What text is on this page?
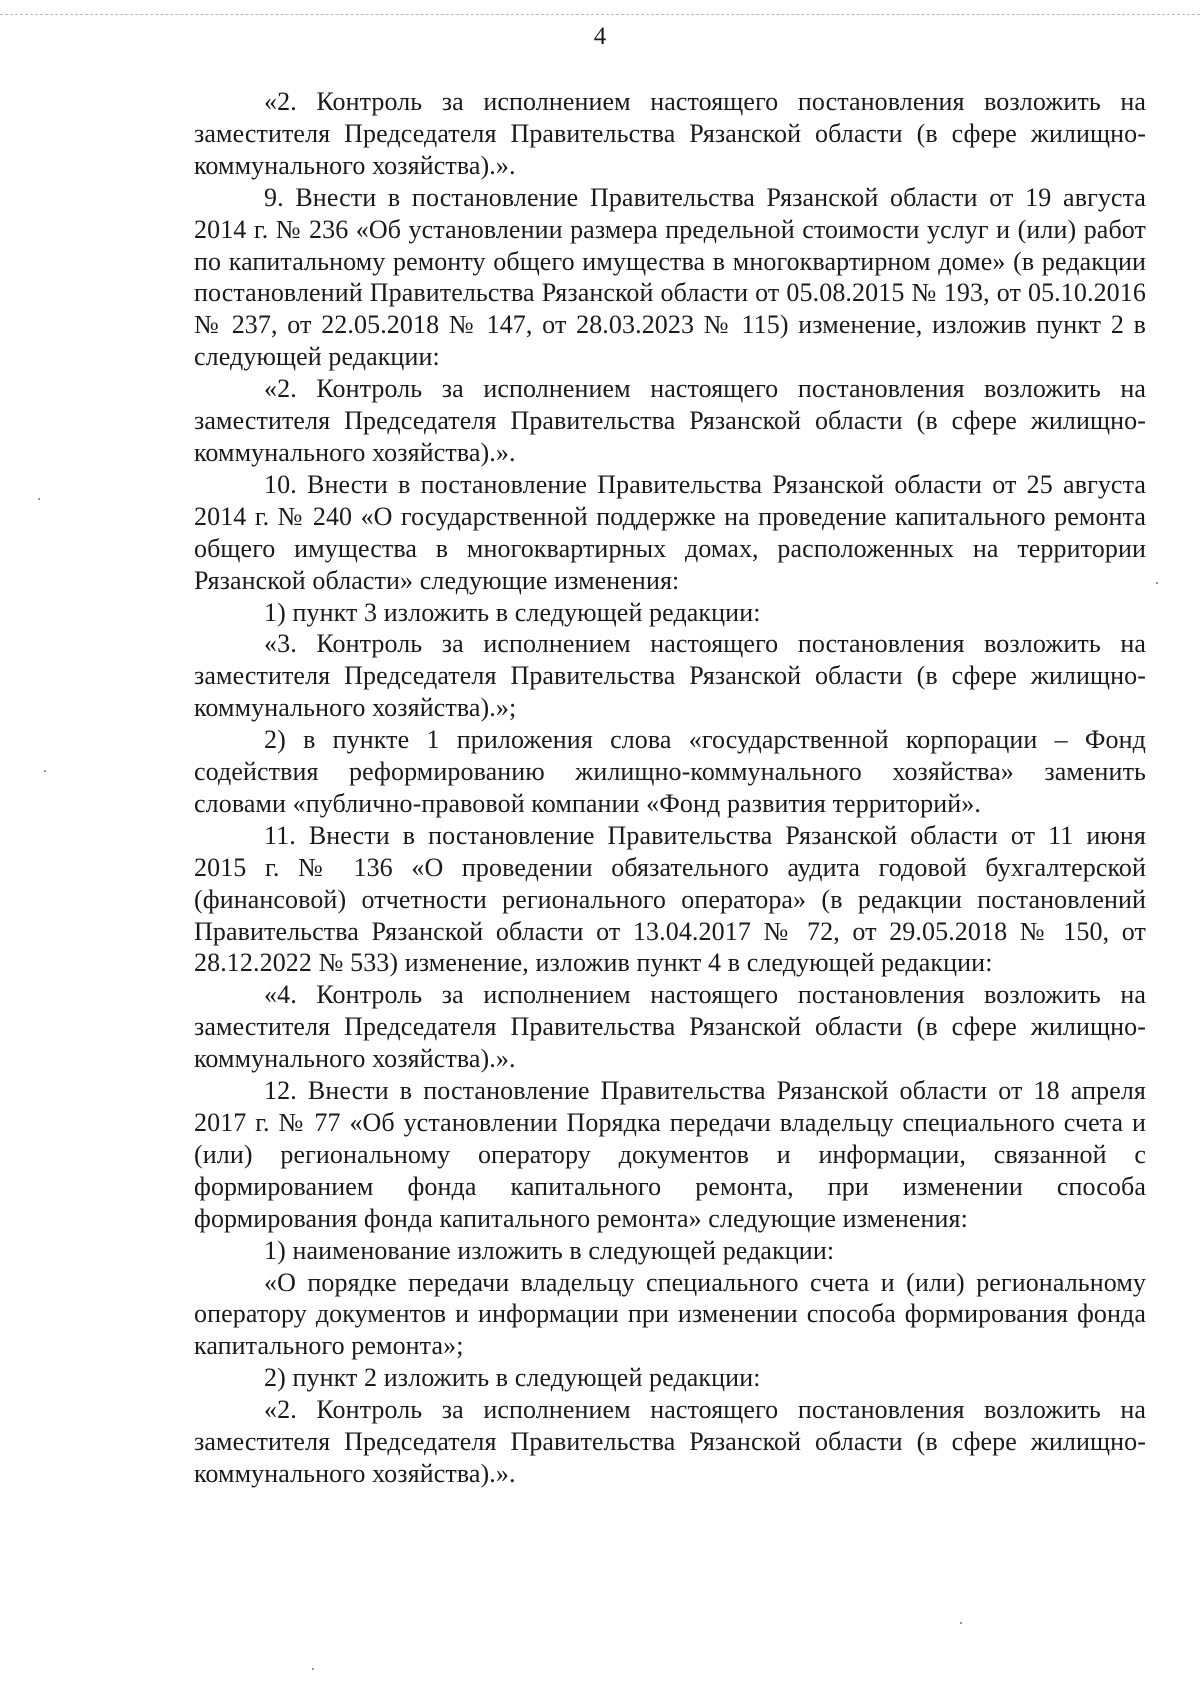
4

«2. Контроль за исполнением настоящего постановления возложить на заместителя Председателя Правительства Рязанской области (в сфере жилищно-коммунального хозяйства).».

9. Внести в постановление Правительства Рязанской области от 19 августа 2014 г. № 236 «Об установлении размера предельной стоимости услуг и (или) работ по капитальному ремонту общего имущества в многоквартирном доме» (в редакции постановлений Правительства Рязанской области от 05.08.2015 № 193, от 05.10.2016 № 237, от 22.05.2018 № 147, от 28.03.2023 № 115) изменение, изложив пункт 2 в следующей редакции:

«2. Контроль за исполнением настоящего постановления возложить на заместителя Председателя Правительства Рязанской области (в сфере жилищно-коммунального хозяйства).».

10. Внести в постановление Правительства Рязанской области от 25 августа 2014 г. № 240 «О государственной поддержке на проведение капитального ремонта общего имущества в многоквартирных домах, расположенных на территории Рязанской области» следующие изменения:

1) пункт 3 изложить в следующей редакции:

«3. Контроль за исполнением настоящего постановления возложить на заместителя Председателя Правительства Рязанской области (в сфере жилищно-коммунального хозяйства).»;

2) в пункте 1 приложения слова «государственной корпорации – Фонд содействия реформированию жилищно-коммунального хозяйства» заменить словами «публично-правовой компании «Фонд развития территорий».

11. Внести в постановление Правительства Рязанской области от 11 июня 2015 г. № 136 «О проведении обязательного аудита годовой бухгалтерской (финансовой) отчетности регионального оператора» (в редакции постановлений Правительства Рязанской области от 13.04.2017 № 72, от 29.05.2018 № 150, от 28.12.2022 № 533) изменение, изложив пункт 4 в следующей редакции:

«4. Контроль за исполнением настоящего постановления возложить на заместителя Председателя Правительства Рязанской области (в сфере жилищно-коммунального хозяйства).».

12. Внести в постановление Правительства Рязанской области от 18 апреля 2017 г. № 77 «Об установлении Порядка передачи владельцу специального счета и (или) региональному оператору документов и информации, связанной с формированием фонда капитального ремонта, при изменении способа формирования фонда капитального ремонта» следующие изменения:

1) наименование изложить в следующей редакции:

«О порядке передачи владельцу специального счета и (или) региональному оператору документов и информации при изменении способа формирования фонда капитального ремонта»;

2) пункт 2 изложить в следующей редакции:

«2. Контроль за исполнением настоящего постановления возложить на заместителя Председателя Правительства Рязанской области (в сфере жилищно-коммунального хозяйства).».
